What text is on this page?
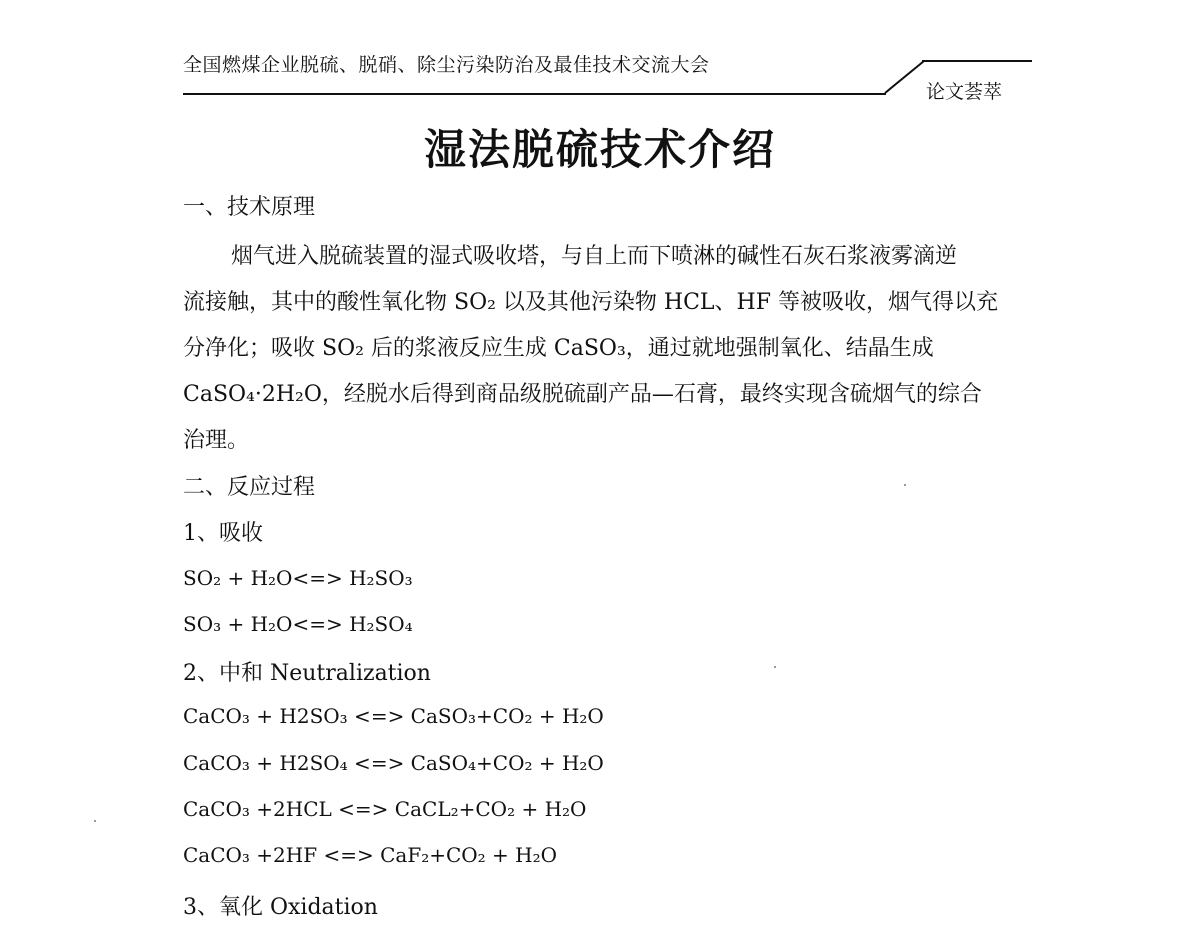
全国燃煤企业脱硫、脱硝、除尘污染防治及最佳技术交流大会
论文荟萃
湿法脱硫技术介绍
一、技术原理
烟气进入脱硫装置的湿式吸收塔，与自上而下喷淋的碱性石灰石浆液雾滴逆
流接触，其中的酸性氧化物 SO₂ 以及其他污染物 HCL、HF 等被吸收，烟气得以充
分净化；吸收 SO₂ 后的浆液反应生成 CaSO₃，通过就地强制氧化、结晶生成
CaSO₄·2H₂O，经脱水后得到商品级脱硫副产品—石膏，最终实现含硫烟气的综合
治理。
二、反应过程
1、吸收
SO₂ + H₂O<=> H₂SO₃
SO₃ + H₂O<=> H₂SO₄
2、中和 Neutralization
CaCO₃ + H2SO₃ <=> CaSO₃+CO₂ + H₂O
CaCO₃ + H2SO₄ <=> CaSO₄+CO₂ + H₂O
CaCO₃ +2HCL <=> CaCL₂+CO₂ + H₂O
CaCO₃ +2HF <=> CaF₂+CO₂ + H₂O
3、氧化 Oxidation
